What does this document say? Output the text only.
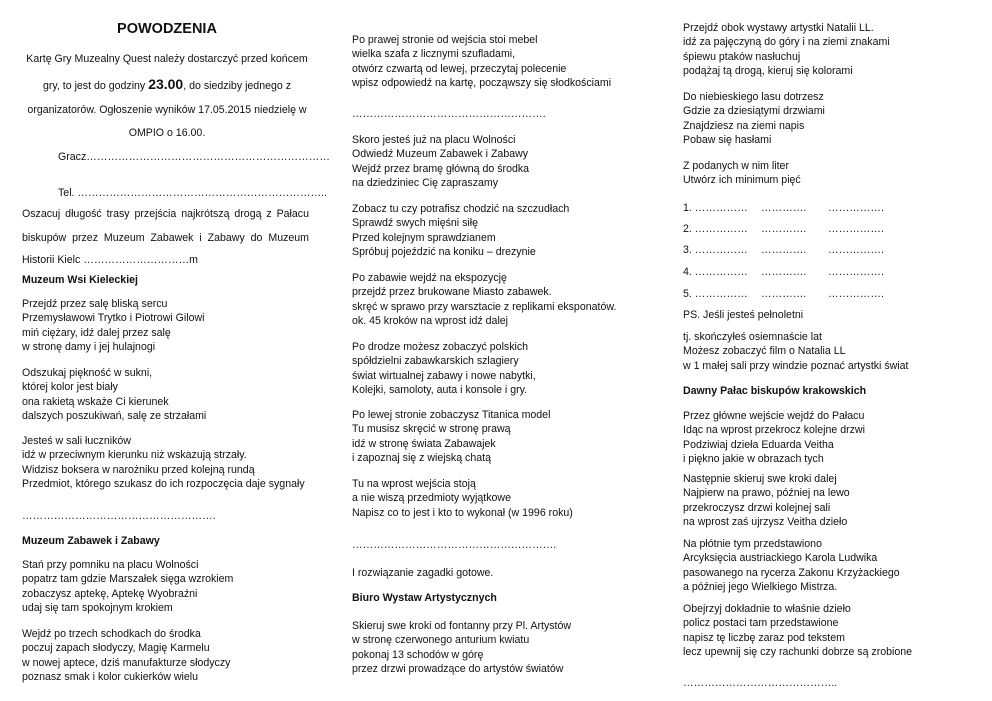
POWODZENIA
Kartę Gry Muzealny Quest należy dostarczyć przed końcem
gry, to jest do godziny 23.00, do siedziby jednego z
organizatorów. Ogłoszenie wyników 17.05.2015 niedzielę w
OMPIO o 16.00.
Gracz……………………………………………………………
Tel. ……………………………………………………………..
Oszacuj długość trasy przejścia najkrótszą drogą z Pałacu
biskupów przez Muzeum Zabawek i Zabawy do Muzeum
Historii Kielc …………………………m
Muzeum Wsi Kieleckiej
Przejdź przez salę bliską sercu
Przemysławowi Trytko i Piotrowi Gilowi
miń ciężary, idź dalej przez salę
w stronę damy i jej hulajnogi
Odszukaj piękność w sukni,
której kolor jest biały
ona rakietą wskaże Ci kierunek
dalszych poszukiwań, salę ze strzałami
Jesteś w sali łuczników
idź w przeciwnym kierunku niż wskazują strzały.
Widzisz boksera w narożniku przed kolejną rundą
Przedmiot, którego szukasz do ich rozpoczęcia daje sygnały
……………………………………………….
Muzeum Zabawek i Zabawy
Stań przy pomniku na placu Wolności
popatrz tam gdzie Marszałek sięga wzrokiem
zobaczysz aptekę, Aptekę Wyobraźni
udaj się tam spokojnym krokiem
Wejdź po trzech schodkach do środka
poczuj zapach słodyczy, Magię Karmelu
w nowej aptece, dziś manufakturze słodyczy
poznasz smak i kolor cukierków wielu
Po prawej stronie od wejścia stoi mebel
wielka szafa z licznymi szufladami,
otwórz czwartą od lewej, przeczytaj polecenie
wpisz odpowiedź na kartę, począwszy się słodkościami
……………………………………………….
Skoro jesteś już na placu Wolności
Odwiedź Muzeum Zabawek i Zabawy
Wejdź przez bramę główną do środka
na dziedziniec Cię zapraszamy
Zobacz tu czy potrafisz chodzić na szczudłach
Sprawdź swych mięśni siłę
Przed kolejnym sprawdzianem
Spróbuj pojeździć na koniku – drezynie
Po zabawie wejdź na ekspozycję
przejdź przez brukowane Miasto zabawek.
skręć w sprawo przy warsztacie z replikami eksponatów.
ok. 45 kroków na wprost idź dalej
Po drodze możesz zobaczyć polskich
spółdzielni zabawkarskich szlagiery
świat wirtualnej zabawy i nowe nabytki,
Kolejki, samoloty, auta i konsole i gry.
Po lewej stronie zobaczysz Titanica model
Tu musisz skręcić w stronę prawą
idź w stronę świata Zabawajek
i zapoznaj się z wiejską chatą
Tu na wprost wejścia stoją
a nie wiszą przedmioty wyjątkowe
Napisz co to jest i kto to wykonał (w 1996 roku)
………………………………………………….
I rozwiązanie zagadki gotowe.
Biuro Wystaw Artystycznych
Skieruj swe kroki od fontanny przy Pl. Artystów
w stronę czerwonego anturium kwiatu
pokonaj 13 schodów w górę
przez drzwi prowadzące do artystów światów
Przejdź obok wystawy artystki Natalii LL.
idź za pajęczyną do góry i na ziemi znakami
śpiewu ptaków nasłuchuj
podążaj tą drogą, kieruj się kolorami
Do niebieskiego lasu dotrzesz
Gdzie za dziesiątymi drzwiami
Znajdziesz na ziemi napis
Pobaw się hasłami
Z podanych w nim liter
Utwórz ich minimum pięć
1. …………… …………. …………….
2. …………… …………. …………….
3. …………… …………. …………….
4. …………… …………. …………….
5. …………… …………. …………….
PS. Jeśli jesteś pełnoletni
tj. skończyłeś osiemnaście lat
Możesz zobaczyć film o Natalia LL
w 1 małej sali przy windzie poznać artystki świat
Dawny Pałac biskupów krakowskich
Przez główne wejście wejdź do Pałacu
Idąc na wprost przekrocz kolejne drzwi
Podziwiaj dzieła Eduarda Veitha
i piękno jakie w obrazach tych
Następnie skieruj swe kroki dalej
Najpierw na prawo, później na lewo
przekroczysz drzwi kolejnej sali
na wprost zaś ujrzysz Veitha dzieło
Na płótnie tym przedstawiono
Arcyksięcia austriackiego Karola Ludwika
pasowanego na rycerza Zakonu Krzyżackiego
a później jego Wielkiego Mistrza.
Obejrzyj dokładnie to właśnie dzieło
policz postaci tam przedstawione
napisz tę liczbę zaraz pod tekstem
lecz upewnij się czy rachunki dobrze są zrobione
……………………………………..
